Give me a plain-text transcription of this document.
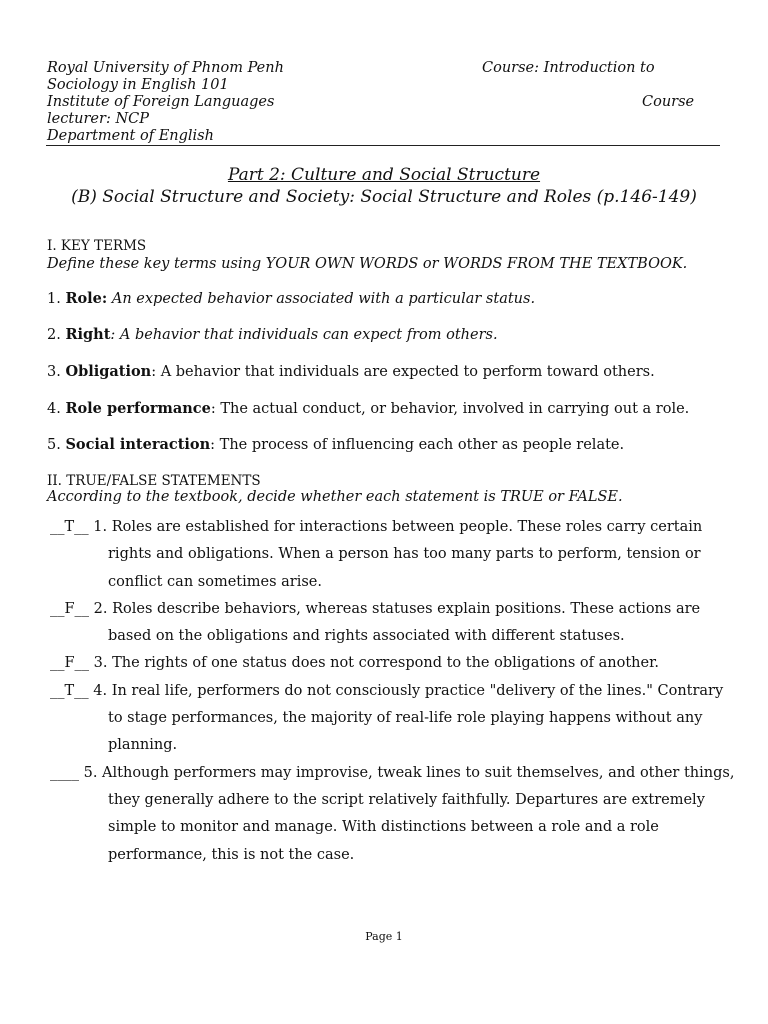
Royal University of Phnom Penh	Course: Introduction to
Sociology in English 101
Institute of Foreign Languages	Course
lecturer: NCP
Department of English
Part 2: Culture and Social Structure
(B) Social Structure and Society: Social Structure and Roles (p.146-149)
I. KEY TERMS
Define these key terms using YOUR OWN WORDS or WORDS FROM THE TEXTBOOK.
1. Role: An expected behavior associated with a particular status.
2. Right: A behavior that individuals can expect from others.
3. Obligation: A behavior that individuals are expected to perform toward others.
4. Role performance: The actual conduct, or behavior, involved in carrying out a role.
5. Social interaction: The process of influencing each other as people relate.
II. TRUE/FALSE STATEMENTS
According to the textbook, decide whether each statement is TRUE or FALSE.
__T__ 1. Roles are established for interactions between people. These roles carry certain
rights and obligations. When a person has too many parts to perform, tension or
conflict can sometimes arise.
__F__ 2. Roles describe behaviors, whereas statuses explain positions. These actions are
based on the obligations and rights associated with different statuses.
__F__ 3. The rights of one status does not correspond to the obligations of another.
__T__ 4. In real life, performers do not consciously practice "delivery of the lines." Contrary
to stage performances, the majority of real-life role playing happens without any
planning.
____ 5. Although performers may improvise, tweak lines to suit themselves, and other things,
they generally adhere to the script relatively faithfully. Departures are extremely
simple to monitor and manage. With distinctions between a role and a role
performance, this is not the case.
Page 1
